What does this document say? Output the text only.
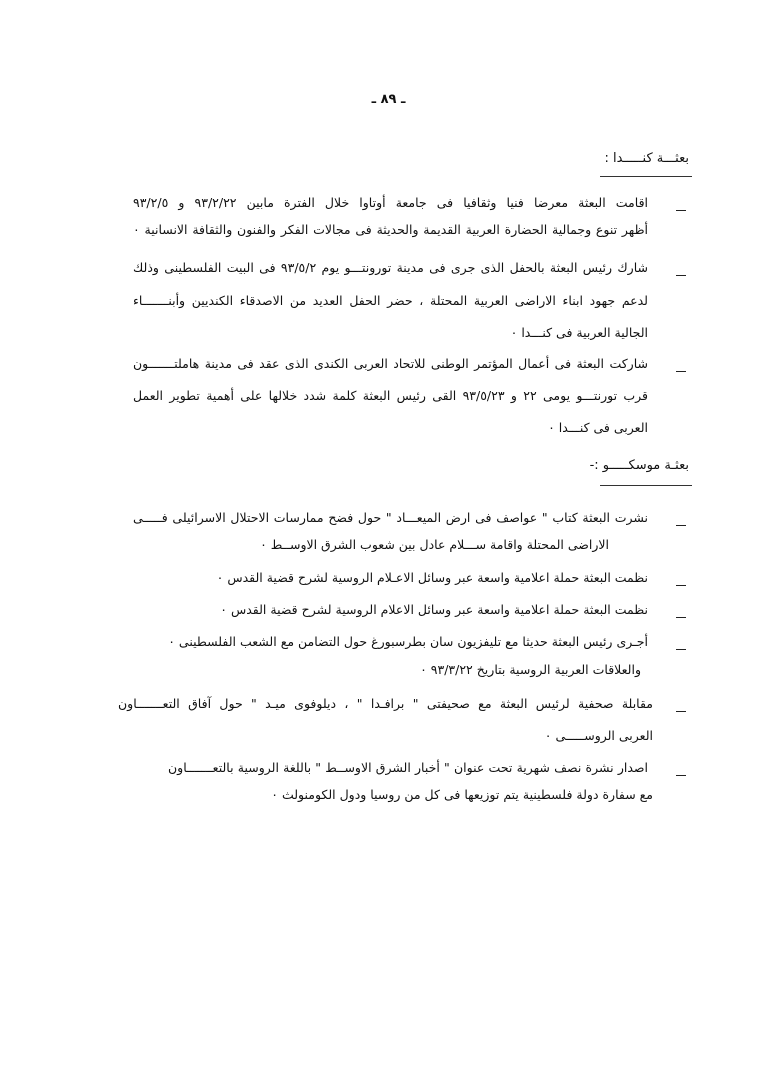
ـ ٨٩ ـ
بعثـــة كنـــــدا :
اقامت البعثة معرضا فنيا وثقافيا فى جامعة أوتاوا خلال الفترة مابين ٩٣/٢/٢٢ و ٩٣/٢/٥
أظهر تنوع وجمالية الحضارة العربية القديمة والحديثة فى مجالات الفكر والفنون والثقافة الانسانية ٠
شارك رئيس البعثة بالحفل الذى جرى فى مدينة تورونتـــو يوم ٩٣/٥/٢ فى البيت الفلسطينى وذلك
لدعم جهود ابناء الاراضى العربية المحتلة ، حضر الحفل العديد من الاصدقاء الكنديين وأبنـــــــاء
الجالية العربية فى كنـــدا ٠
شاركت البعثة فى أعمال المؤتمر الوطنى للاتحاد العربى الكندى الذى عقد فى مدينة هاملتـــــــون
قرب تورنتـــو يومى ٢٢ و ٩٣/٥/٢٣ القى رئيس البعثة كلمة شدد خلالها على أهمية تطوير العمل
العربى فى كنـــدا ٠
بعثـة موسكـــــو :-
نشرت البعثة كتاب " عواصف فى ارض الميعـــاد " حول فضح ممارسات الاحتلال الاسرائيلى فـــــى
الاراضى المحتلة واقامة ســـلام عادل بين شعوب الشرق الاوســط ٠
نظمت البعثة حملة اعلامية واسعة عبر وسائل الاعـلام الروسية لشرح قضية القدس ٠
نظمت البعثة حملة اعلامية واسعة عبر وسائل الاعلام الروسية لشرح قضية القدس ٠
أجـرى رئيس البعثة حديثا مع تليفزيون سان بطرسبورغ حول التضامن مع الشعب الفلسطينى ٠
والعلاقات العربية الروسية بتاريخ ٩٣/٣/٢٢ ٠
مقابلة صحفية لرئيس البعثة مع صحيفتى " برافـدا " ، ديلوفوى ميـد " حول آفاق التعـــــــاون
العربى الروســـــى ٠
اصدار نشرة نصف شهرية تحت عنوان " أخبار الشرق الاوســط " باللغة الروسية بالتعـــــــاون
مع سفارة دولة فلسطينية يتم توزيعها فى كل من روسيا ودول الكومنولث ٠
